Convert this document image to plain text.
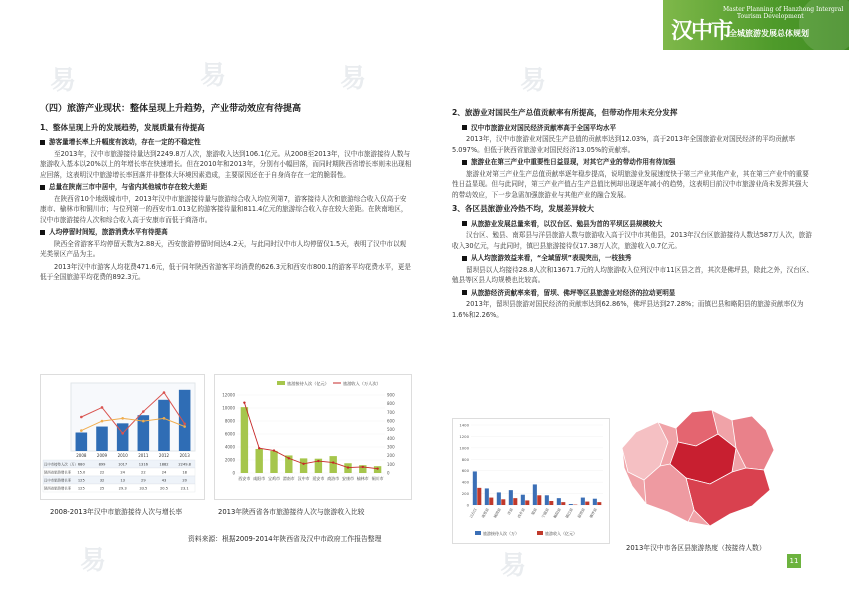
易	易	易	易
易	易
Master Planning of Hanzhong Intergral
Tourism Development
汉中市
全城旅游发展总体规划
（四）旅游产业现状：整体呈现上升趋势，产业带动效应有待提高
1、整体呈现上升的发展趋势，发展质量有待提高
游客量增长率上升幅度有波动，存在一定的不稳定性
至2013年，汉中市旅游接待量达到2249.8万人次，旅游收入达到106.1亿元。从2008至2013年，汉中市旅游接待人数与旅游收入基本以20%以上的年增长率在快速增长。但在2010年和2013年，分别有小幅回落，而同时期陕西省增长率则未出现相应回落，这表明汉中旅游增长率回落并非整体大环境因素造成，主要原因还在于自身尚存在一定的脆弱性。
总量在陕南三市中居中，与省内其他城市存在较大差距
在陕西省10个地级城市中，2013年汉中市旅游接待量与旅游综合收入均位列第7，游客接待人次和旅游综合收入仅高于安康市、榆林市和铜川市；与位列第一的西安市1.013亿的游客接待量和811.4亿元的旅游综合收入存在较大差距。在陕南地区，汉中市旅游接待人次和综合收入高于安康市而低于商洛市。
人均停留时间短，旅游消费水平有待提高
陕西全省游客平均停留天数为2.88天，西安旅游停留时间达4.2天，与此同时汉中市人均停留仅1.5天，表明了汉中市以观光类景区产品为主。
2013年汉中市游客人均花费471.6元，低于同年陕西省游客平均消费的626.3元和西安市800.1的游客平均花费水平，更是低于全国旅游平均花费的892.3元。
2008	2009	2010	2011	2012	2013
汉中市接待人次（万） 680	899	1017	1316	1882	2249.8
陕西省旅游增长率 15.0	22	24	22	24	18
汉中市旅游增长率 125	32	13	29	43	20
陕西省旅游增长率 125	25	29.3	33.5	20.5	23.1
2008-2013年汉中市旅游接待人次与增长率
旅游接待人次（亿元）	旅游收入（万人次）
12000
10000
8000
6000
4000
2000
0
900
800
700
600
500
400
300
200
100
0
西安市 咸阳市 宝鸡市 渭南市 汉中市 延安市 商洛市 安康市 榆林市 铜川市
2013年陕西省各市旅游接待人次与旅游收入比较
资料来源：根据2009-2014年陕西省及汉中市政府工作报告整理
2、旅游业对国民生产总值贡献率有所提高，但带动作用未充分发挥
汉中市旅游业对国民经济贡献率高于全国平均水平
2013年，汉中市旅游业对国民生产总值的贡献率达到12.03%，高于2013年全国旅游业对国民经济的平均贡献率5.097%。但低于陕西省旅游业对国民经济13.05%的贡献率。
旅游业在第三产业中重要性日益显现，对其它产业的带动作用有待加强
旅游业对第三产业生产总值贡献率逐年稳步提高，说明旅游业发展速度快于第三产业其他产业，其在第三产业中的重要性日益显现。但与此同时，第三产业产值占生产总值比例却出现逐年减小的趋势，这表明目前汉中市旅游业尚未发挥其强大的带动效应，下一步急需加强旅游业与其他产业的融合发展。
3、各区县旅游业冷热不均，发展差异较大
从旅游业发展总量来看，以汉台区、勉县为首的平坝区县规模较大
汉台区、勉县、南郑县与洋县旅游人数与旅游收入高于汉中市其他县，2013年汉台区旅游接待人数达587万人次，旅游收入30亿元，与此同时，镇巴县旅游接待仅17.38万人次，旅游收入0.7亿元。
从人均旅游效益来看，“全域留坝”表现突出，一枝独秀
留坝县以人均接待28.8人次和13671.7元的人均旅游收入位列汉中市11区县之首，其次是佛坪县，除此之外，汉台区、勉县等区县人均规模也比较高。
从旅游经济贡献率来看，留坝、佛坪等区县旅游业对经济的拉动更明显
2013年，留坝县旅游对国民经济的贡献率达到62.86%，佛坪县达到27.28%；而镇巴县和略阳县的旅游贡献率仅为1.6%和2.26%。
1400
1200
1000
800
600
400
200
0
汉台区 南郑县 城固县 洋县 西乡县 勉县 宁强县 略阳县 镇巴县 留坝县 佛坪县
旅游接待人次（万）	旅游收入（亿元）
2013年汉中市各区县旅游热度（按接待人数）
11
